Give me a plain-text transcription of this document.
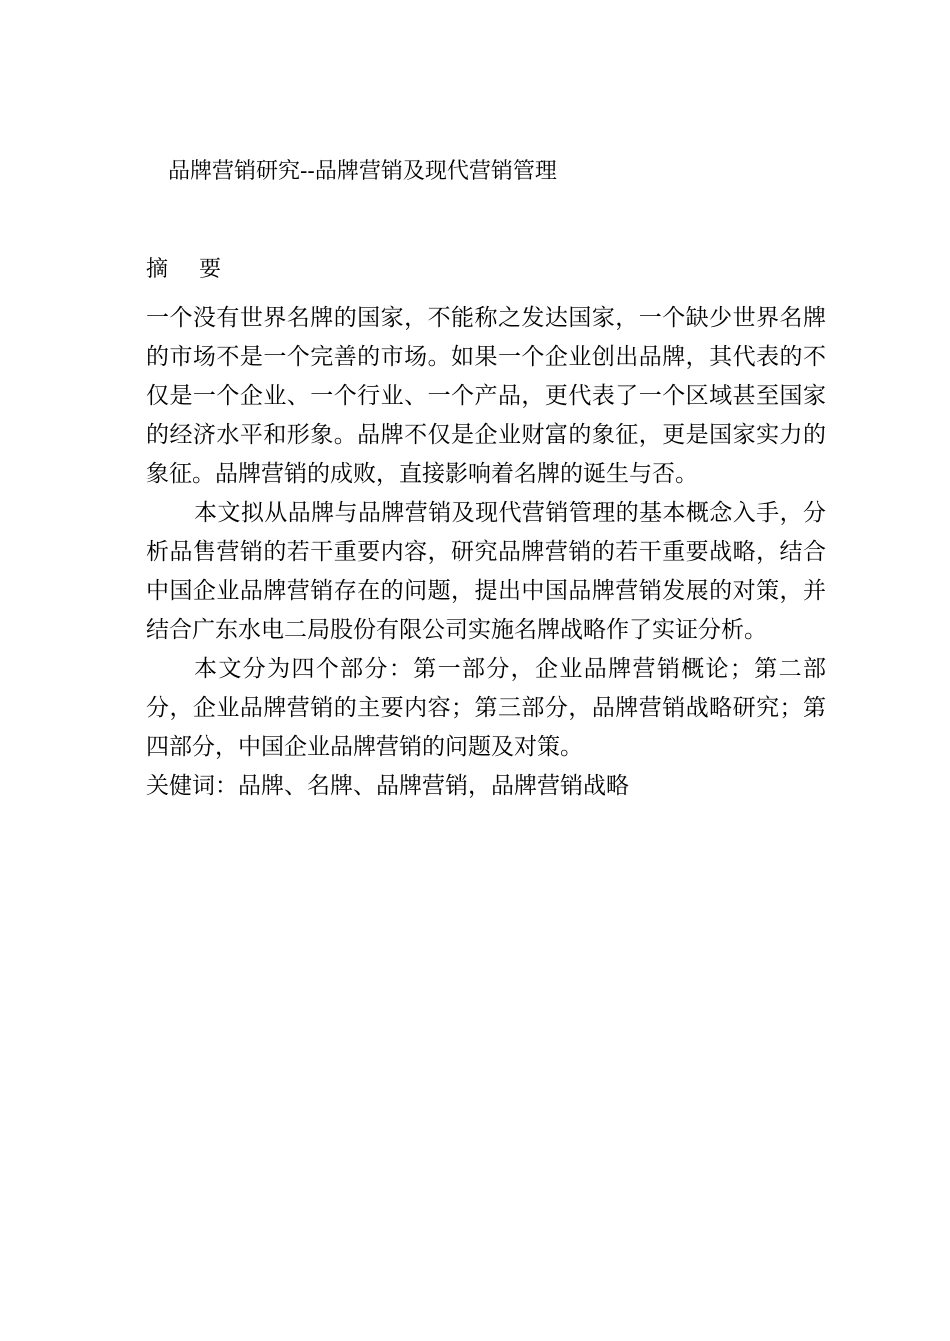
品牌营销研究--品牌营销及现代营销管理
摘 要

一个没有世界名牌的国家，不能称之发达国家，一个缺少世界名牌的市场不是一个完善的市场。如果一个企业创出品牌，其代表的不仅是一个企业、一个行业、一个产品，更代表了一个区域甚至国家的经济水平和形象。品牌不仅是企业财富的象征，更是国家实力的象征。品牌营销的成败，直接影响着名牌的诞生与否。

本文拟从品牌与品牌营销及现代营销管理的基本概念入手，分析品售营销的若干重要内容，研究品牌营销的若干重要战略，结合中国企业品牌营销存在的问题，提出中国品牌营销发展的对策，并结合广东水电二局股份有限公司实施名牌战略作了实证分析。

本文分为四个部分：第一部分，企业品牌营销概论；第二部分，企业品牌营销的主要内容；第三部分，品牌营销战略研究；第四部分，中国企业品牌营销的问题及对策。

关健词：品牌、名牌、品牌营销，品牌营销战略
